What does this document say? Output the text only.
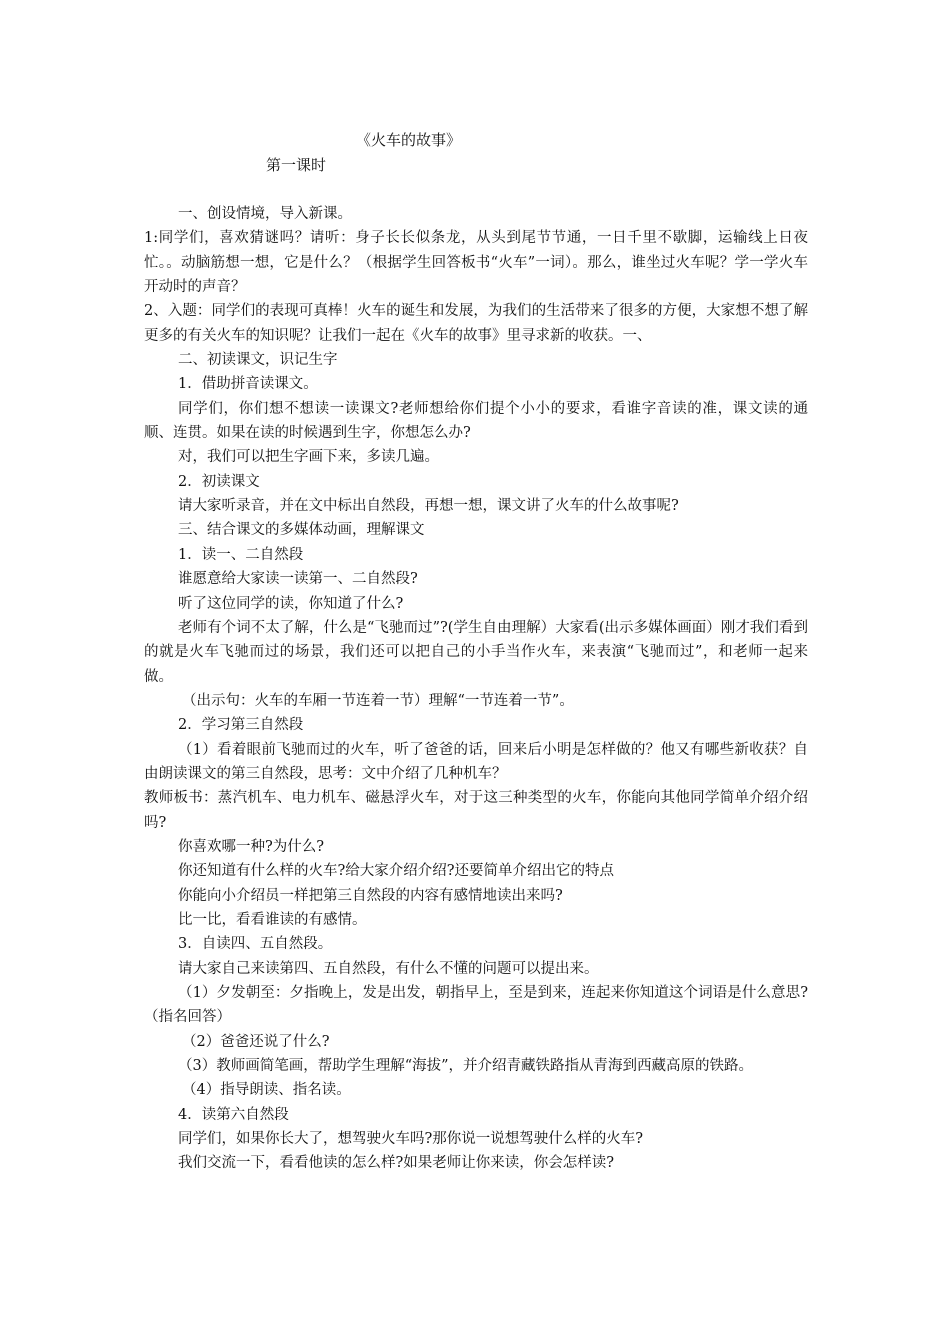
《火车的故事》
第一课时

一、创设情境，导入新课。

1:同学们，喜欢猜谜吗？请听：身子长长似条龙，从头到尾节节通，一日千里不歇脚，运输线上日夜忙。。动脑筋想一想，它是什么？（根据学生回答板书“火车”一词）。那么，谁坐过火车呢？学一学火车开动时的声音？

2、入题：同学们的表现可真棒！火车的诞生和发展，为我们的生活带来了很多的方便，大家想不想了解更多的有关火车的知识呢？让我们一起在《火车的故事》里寻求新的收获。一、

二、初读课文，识记生字

1．借助拼音读课文。

同学们，你们想不想读一读课文?老师想给你们提个小小的要求，看谁字音读的准，课文读的通顺、连贯。如果在读的时候遇到生字，你想怎么办?

对，我们可以把生字画下来，多读几遍。

2．初读课文

请大家听录音，并在文中标出自然段，再想一想，课文讲了火车的什么故事呢?

三、结合课文的多媒体动画，理解课文

1．读一、二自然段

谁愿意给大家读一读第一、二自然段?

听了这位同学的读，你知道了什么?

老师有个词不太了解，什么是“飞驰而过”?(学生自由理解）大家看(出示多媒体画面）刚才我们看到的就是火车飞驰而过的场景，我们还可以把自己的小手当作火车，来表演“飞驰而过”，和老师一起来做。

（出示句：火车的车厢一节连着一节）理解“一节连着一节”。

2．学习第三自然段

（1）看着眼前飞驰而过的火车，听了爸爸的话，回来后小明是怎样做的？他又有哪些新收获？自由朗读课文的第三自然段，思考：文中介绍了几种机车？

教师板书：蒸汽机车、电力机车、磁悬浮火车，对于这三种类型的火车，你能向其他同学简单介绍介绍吗?

你喜欢哪一种?为什么?

你还知道有什么样的火车?给大家介绍介绍?还要简单介绍出它的特点

你能向小介绍员一样把第三自然段的内容有感情地读出来吗?

比一比，看看谁读的有感情。

3．自读四、五自然段。

请大家自己来读第四、五自然段，有什么不懂的问题可以提出来。

（1）夕发朝至：夕指晚上，发是出发，朝指早上，至是到来，连起来你知道这个词语是什么意思?（指名回答）

（2）爸爸还说了什么?

（3）教师画简笔画，帮助学生理解“海拔”，并介绍青藏铁路指从青海到西藏高原的铁路。

（4）指导朗读、指名读。

4．读第六自然段

同学们，如果你长大了，想驾驶火车吗?那你说一说想驾驶什么样的火车?

我们交流一下，看看他读的怎么样?如果老师让你来读，你会怎样读?
